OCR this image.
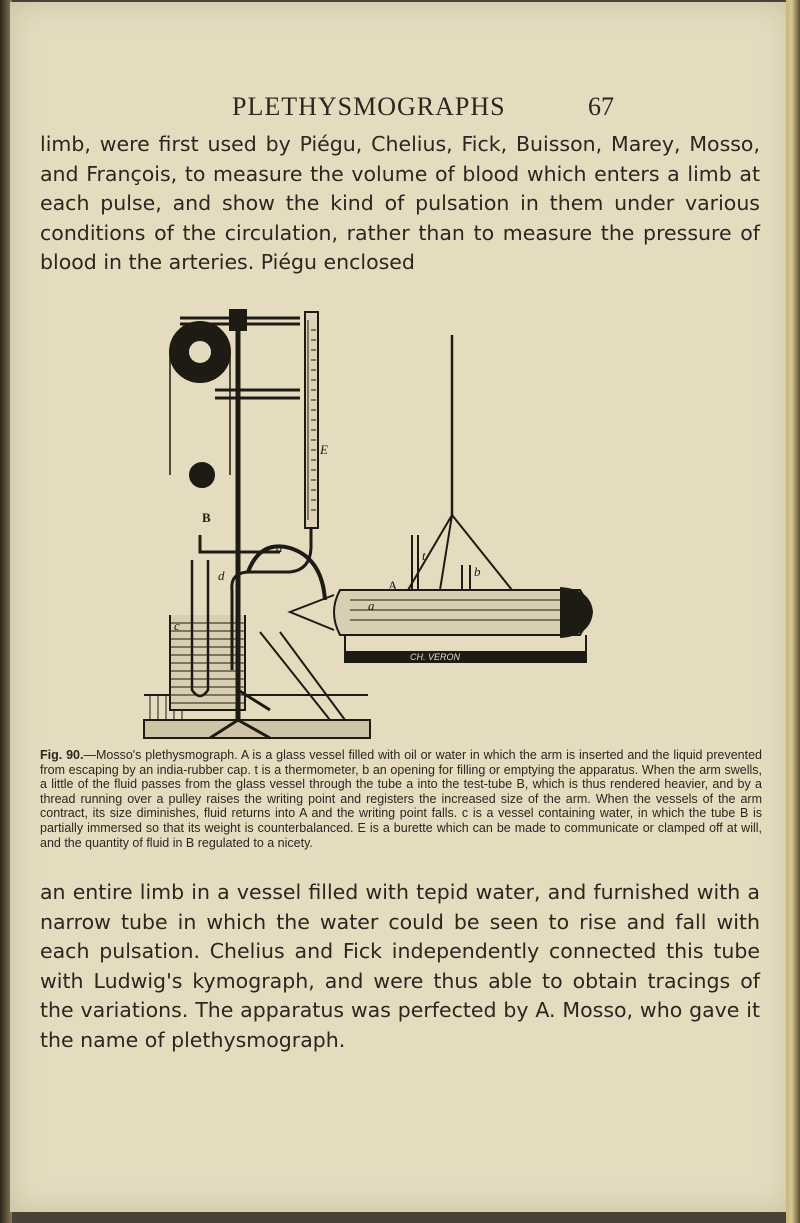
PLETHYSMOGRAPHS	67

limb, were first used by Piégu, Chelius, Fick, Buisson, Marey, Mosso, and François, to measure the volume of blood which enters a limb at each pulse, and show the kind of pulsation in them under various conditions of the circulation, rather than to measure the pressure of blood in the arteries. Piégu enclosed

E
B
a
d
c
A
a
t
b
CH. VERON

Fig. 90.—Mosso's plethysmograph. A is a glass vessel filled with oil or water in which the arm is inserted and the liquid prevented from escaping by an india-rubber cap. t is a thermometer, b an opening for filling or emptying the apparatus. When the arm swells, a little of the fluid passes from the glass vessel through the tube a into the test-tube B, which is thus rendered heavier, and by a thread running over a pulley raises the writing point and registers the increased size of the arm. When the vessels of the arm contract, its size diminishes, fluid returns into A and the writing point falls. c is a vessel containing water, in which the tube B is partially immersed so that its weight is counterbalanced. E is a burette which can be made to communicate or clamped off at will, and the quantity of fluid in B regulated to a nicety.

an entire limb in a vessel filled with tepid water, and furnished with a narrow tube in which the water could be seen to rise and fall with each pulsation. Chelius and Fick independently connected this tube with Ludwig's kymograph, and were thus able to obtain tracings of the variations. The apparatus was perfected by A. Mosso, who gave it the name of plethysmograph.
